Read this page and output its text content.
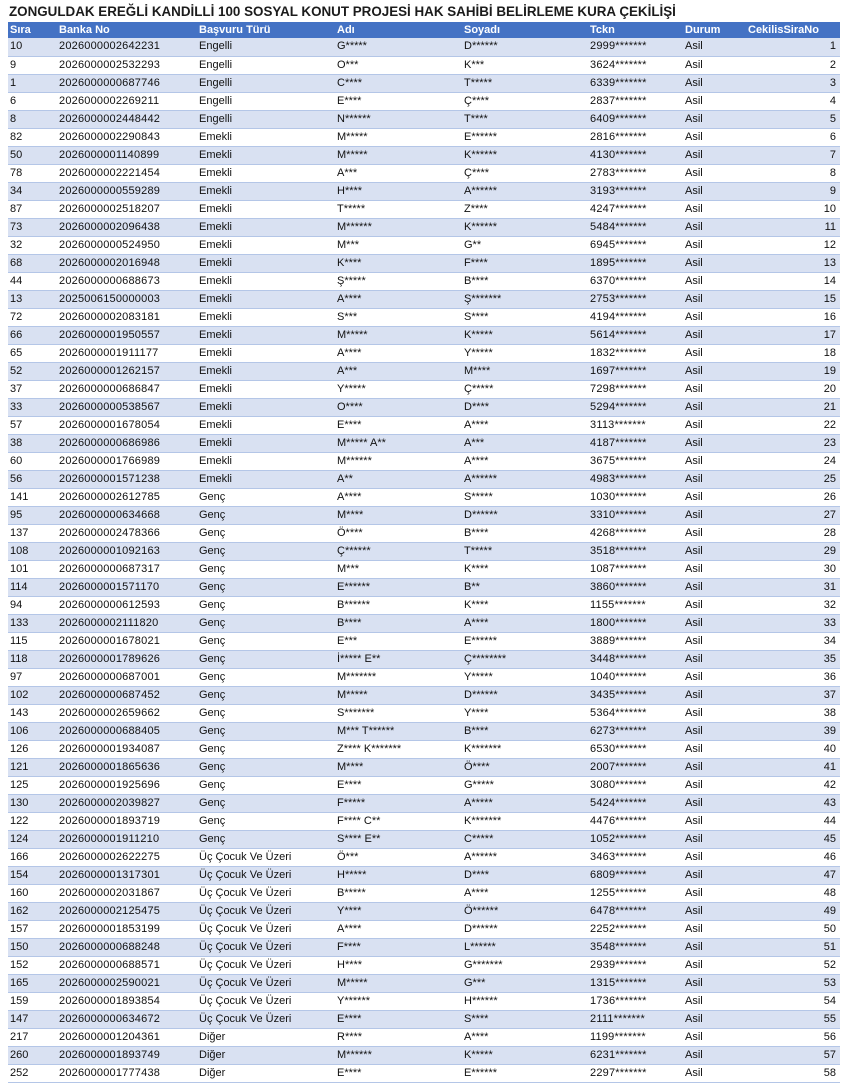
ZONGULDAK EREĞLİ KANDİLLİ 100 SOSYAL KONUT PROJESİ HAK SAHİBİ BELİRLEME KURA ÇEKİLİŞİ
Sıra	Banka No	Başvuru Türü	Adı	Soyadı	Tckn	Durum	CekilisSiraNo
10	2026000002642231	Engelli	G*****	D******	2999*******	Asil	1
9	2026000002532293	Engelli	O***	K***	3624*******	Asil	2
1	2026000000687746	Engelli	C****	T*****	6339*******	Asil	3
6	2026000002269211	Engelli	E****	Ç****	2837*******	Asil	4
8	2026000002448442	Engelli	N******	T****	6409*******	Asil	5
82	2026000002290843	Emekli	M*****	E******	2816*******	Asil	6
50	2026000001140899	Emekli	M*****	K******	4130*******	Asil	7
78	2026000002221454	Emekli	A***	Ç****	2783*******	Asil	8
34	2026000000559289	Emekli	H****	A******	3193*******	Asil	9
87	2026000002518207	Emekli	T*****	Z****	4247*******	Asil	10
73	2026000002096438	Emekli	M******	K******	5484*******	Asil	11
32	2026000000524950	Emekli	M***	G**	6945*******	Asil	12
68	2026000002016948	Emekli	K****	F****	1895*******	Asil	13
44	2026000000688673	Emekli	Ş*****	B****	6370*******	Asil	14
13	2025006150000003	Emekli	A****	Ş*******	2753*******	Asil	15
72	2026000002083181	Emekli	S***	S****	4194*******	Asil	16
66	2026000001950557	Emekli	M*****	K*****	5614*******	Asil	17
65	2026000001911177	Emekli	A****	Y*****	1832*******	Asil	18
52	2026000001262157	Emekli	A***	M****	1697*******	Asil	19
37	2026000000686847	Emekli	Y*****	Ç*****	7298*******	Asil	20
33	2026000000538567	Emekli	O****	D****	5294*******	Asil	21
57	2026000001678054	Emekli	E****	A****	3113*******	Asil	22
38	2026000000686986	Emekli	M***** A**	A***	4187*******	Asil	23
60	2026000001766989	Emekli	M******	A****	3675*******	Asil	24
56	2026000001571238	Emekli	A**	A******	4983*******	Asil	25
141	2026000002612785	Genç	A****	S*****	1030*******	Asil	26
95	2026000000634668	Genç	M****	D******	3310*******	Asil	27
137	2026000002478366	Genç	Ö****	B****	4268*******	Asil	28
108	2026000001092163	Genç	Ç******	T*****	3518*******	Asil	29
101	2026000000687317	Genç	M***	K****	1087*******	Asil	30
114	2026000001571170	Genç	E******	B**	3860*******	Asil	31
94	2026000000612593	Genç	B******	K****	1155*******	Asil	32
133	2026000002111820	Genç	B****	A****	1800*******	Asil	33
115	2026000001678021	Genç	E***	E******	3889*******	Asil	34
118	2026000001789626	Genç	İ***** E**	Ç********	3448*******	Asil	35
97	2026000000687001	Genç	M*******	Y*****	1040*******	Asil	36
102	2026000000687452	Genç	M*****	D******	3435*******	Asil	37
143	2026000002659662	Genç	S*******	Y****	5364*******	Asil	38
106	2026000000688405	Genç	M*** T******	B****	6273*******	Asil	39
126	2026000001934087	Genç	Z**** K*******	K*******	6530*******	Asil	40
121	2026000001865636	Genç	M****	Ö****	2007*******	Asil	41
125	2026000001925696	Genç	E****	G*****	3080*******	Asil	42
130	2026000002039827	Genç	F*****	A*****	5424*******	Asil	43
122	2026000001893719	Genç	F**** C**	K*******	4476*******	Asil	44
124	2026000001911210	Genç	S**** E**	C*****	1052*******	Asil	45
166	2026000002622275	Üç Çocuk Ve Üzeri	Ö***	A******	3463*******	Asil	46
154	2026000001317301	Üç Çocuk Ve Üzeri	H*****	D****	6809*******	Asil	47
160	2026000002031867	Üç Çocuk Ve Üzeri	B*****	A****	1255*******	Asil	48
162	2026000002125475	Üç Çocuk Ve Üzeri	Y****	Ö******	6478*******	Asil	49
157	2026000001853199	Üç Çocuk Ve Üzeri	A****	D******	2252*******	Asil	50
150	2026000000688248	Üç Çocuk Ve Üzeri	F****	L******	3548*******	Asil	51
152	2026000000688571	Üç Çocuk Ve Üzeri	H****	G*******	2939*******	Asil	52
165	2026000002590021	Üç Çocuk Ve Üzeri	M*****	G***	1315*******	Asil	53
159	2026000001893854	Üç Çocuk Ve Üzeri	Y******	H******	1736*******	Asil	54
147	2026000000634672	Üç Çocuk Ve Üzeri	E****	S****	2111*******	Asil	55
217	2026000001204361	Diğer	R****	A****	1199*******	Asil	56
260	2026000001893749	Diğer	M******	K*****	6231*******	Asil	57
252	2026000001777438	Diğer	E****	E******	2297*******	Asil	58
